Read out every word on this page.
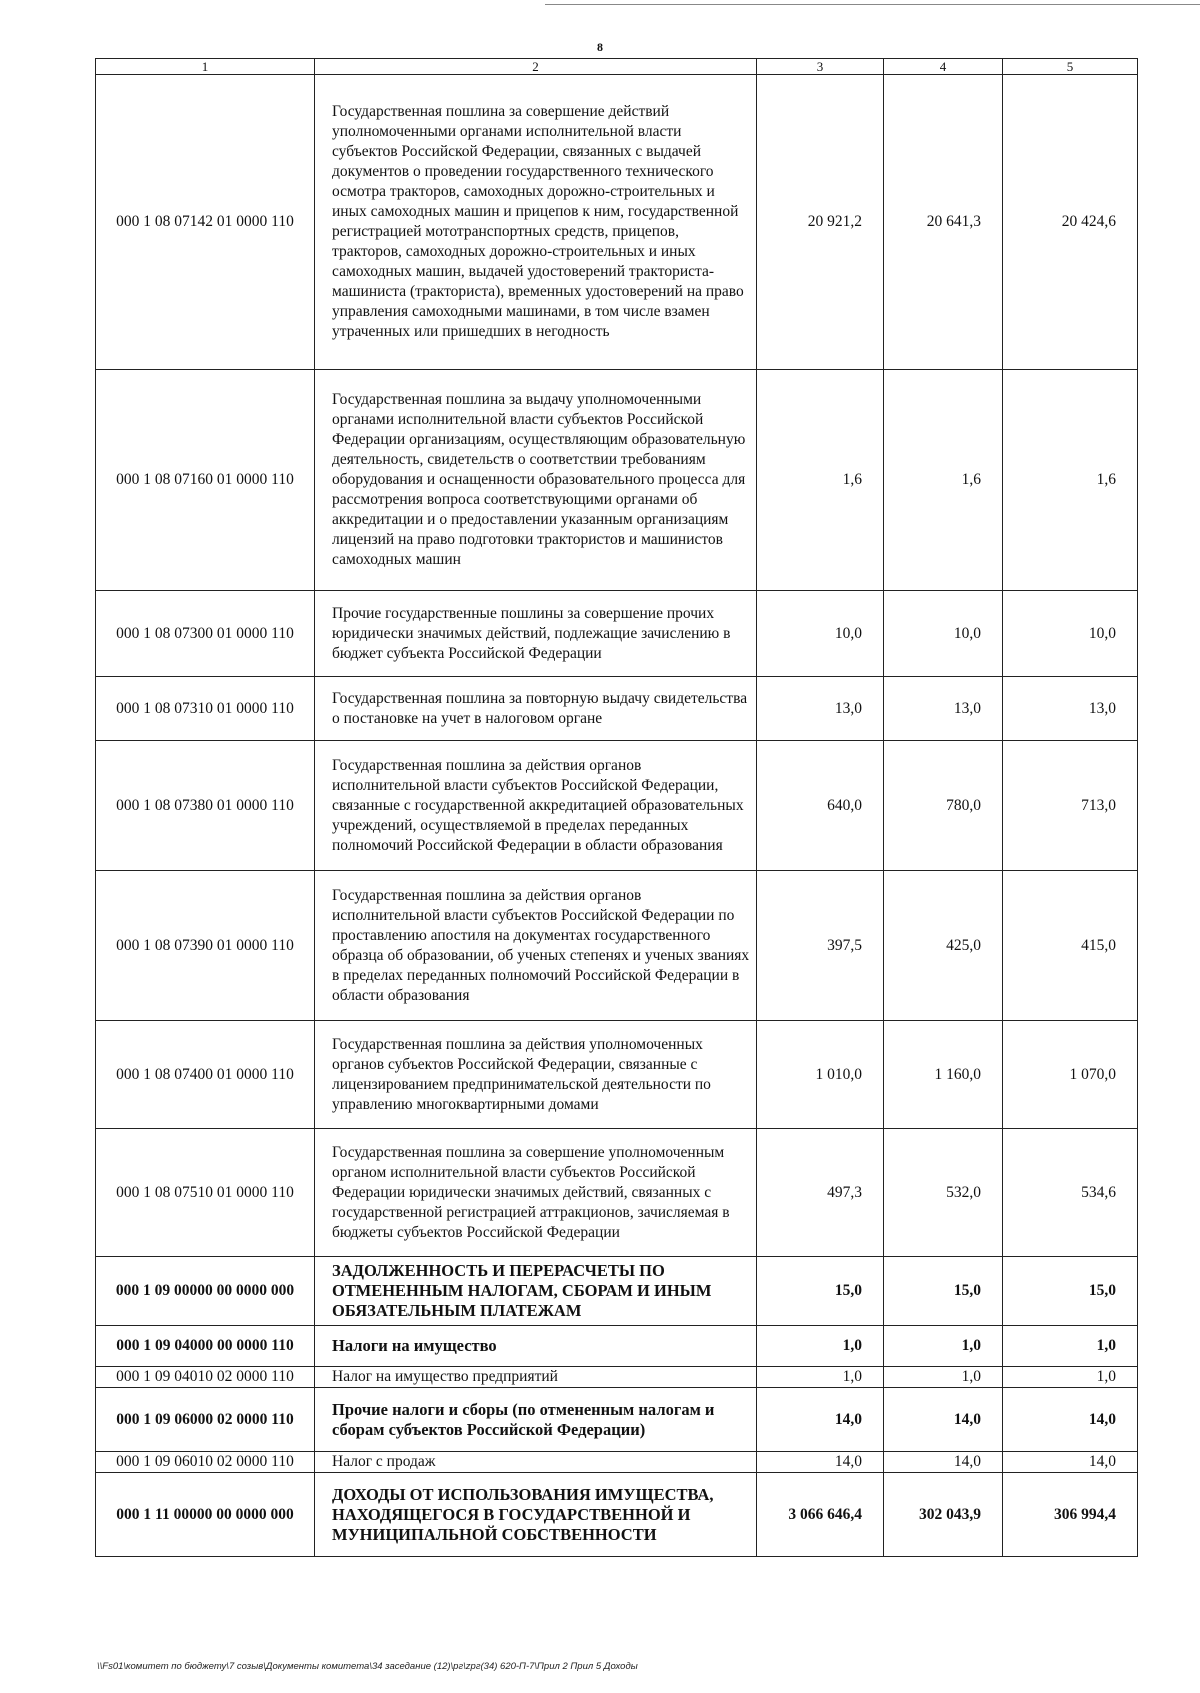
8
1	2	3	4	5
000 1 08 07142 01 0000 110	Государственная пошлина за совершение действий уполномоченными органами исполнительной власти субъектов Российской Федерации, связанных с выдачей документов о проведении государственного технического осмотра тракторов, самоходных дорожно-строительных и иных самоходных машин и прицепов к ним, государственной регистрацией мототранспортных средств, прицепов, тракторов, самоходных дорожно-строительных и иных самоходных машин, выдачей удостоверений тракториста-машиниста (тракториста), временных удостоверений на право управления самоходными машинами, в том числе взамен утраченных или пришедших в негодность	20 921,2	20 641,3	20 424,6
000 1 08 07160 01 0000 110	Государственная пошлина за выдачу уполномоченными органами исполнительной власти субъектов Российской Федерации организациям, осуществляющим образовательную деятельность, свидетельств о соответствии требованиям оборудования и оснащенности образовательного процесса для рассмотрения вопроса соответствующими органами об аккредитации и о предоставлении указанным организациям лицензий на право подготовки трактористов и машинистов самоходных машин	1,6	1,6	1,6
000 1 08 07300 01 0000 110	Прочие государственные пошлины за совершение прочих юридически значимых действий, подлежащие зачислению в бюджет субъекта Российской Федерации	10,0	10,0	10,0
000 1 08 07310 01 0000 110	Государственная пошлина за повторную выдачу свидетельства о постановке на учет в налоговом органе	13,0	13,0	13,0
000 1 08 07380 01 0000 110	Государственная пошлина за действия органов исполнительной власти субъектов Российской Федерации, связанные с государственной аккредитацией образовательных учреждений, осуществляемой в пределах переданных полномочий Российской Федерации в области образования	640,0	780,0	713,0
000 1 08 07390 01 0000 110	Государственная пошлина за действия органов исполнительной власти субъектов Российской Федерации по проставлению апостиля на документах государственного образца об образовании, об ученых степенях и ученых званиях в пределах переданных полномочий Российской Федерации в области образования	397,5	425,0	415,0
000 1 08 07400 01 0000 110	Государственная пошлина за действия уполномоченных органов субъектов Российской Федерации, связанные с лицензированием предпринимательской деятельности по управлению многоквартирными домами	1 010,0	1 160,0	1 070,0
000 1 08 07510 01 0000 110	Государственная пошлина за совершение уполномоченным органом исполнительной власти субъектов Российской Федерации юридически значимых действий, связанных с государственной регистрацией аттракционов, зачисляемая в бюджеты субъектов Российской Федерации	497,3	532,0	534,6
000 1 09 00000 00 0000 000	ЗАДОЛЖЕННОСТЬ И ПЕРЕРАСЧЕТЫ ПО ОТМЕНЕННЫМ НАЛОГАМ, СБОРАМ И ИНЫМ ОБЯЗАТЕЛЬНЫМ ПЛАТЕЖАМ	15,0	15,0	15,0
000 1 09 04000 00 0000 110	Налоги на имущество	1,0	1,0	1,0
000 1 09 04010 02 0000 110	Налог на имущество предприятий	1,0	1,0	1,0
000 1 09 06000 02 0000 110	Прочие налоги и сборы (по отмененным налогам и сборам субъектов Российской Федерации)	14,0	14,0	14,0
000 1 09 06010 02 0000 110	Налог с продаж	14,0	14,0	14,0
000 1 11 00000 00 0000 000	ДОХОДЫ ОТ ИСПОЛЬЗОВАНИЯ ИМУЩЕСТВА, НАХОДЯЩЕГОСЯ В ГОСУДАРСТВЕННОЙ И МУНИЦИПАЛЬНОЙ СОБСТВЕННОСТИ	3 066 646,4	302 043,9	306 994,4
\\Fs01\комитет по бюджету\7 созыв\Документы комитета\34 заседание (12)\рг\zрг(34) 620-П-7\Прил 2 Прил 5 Доходы
